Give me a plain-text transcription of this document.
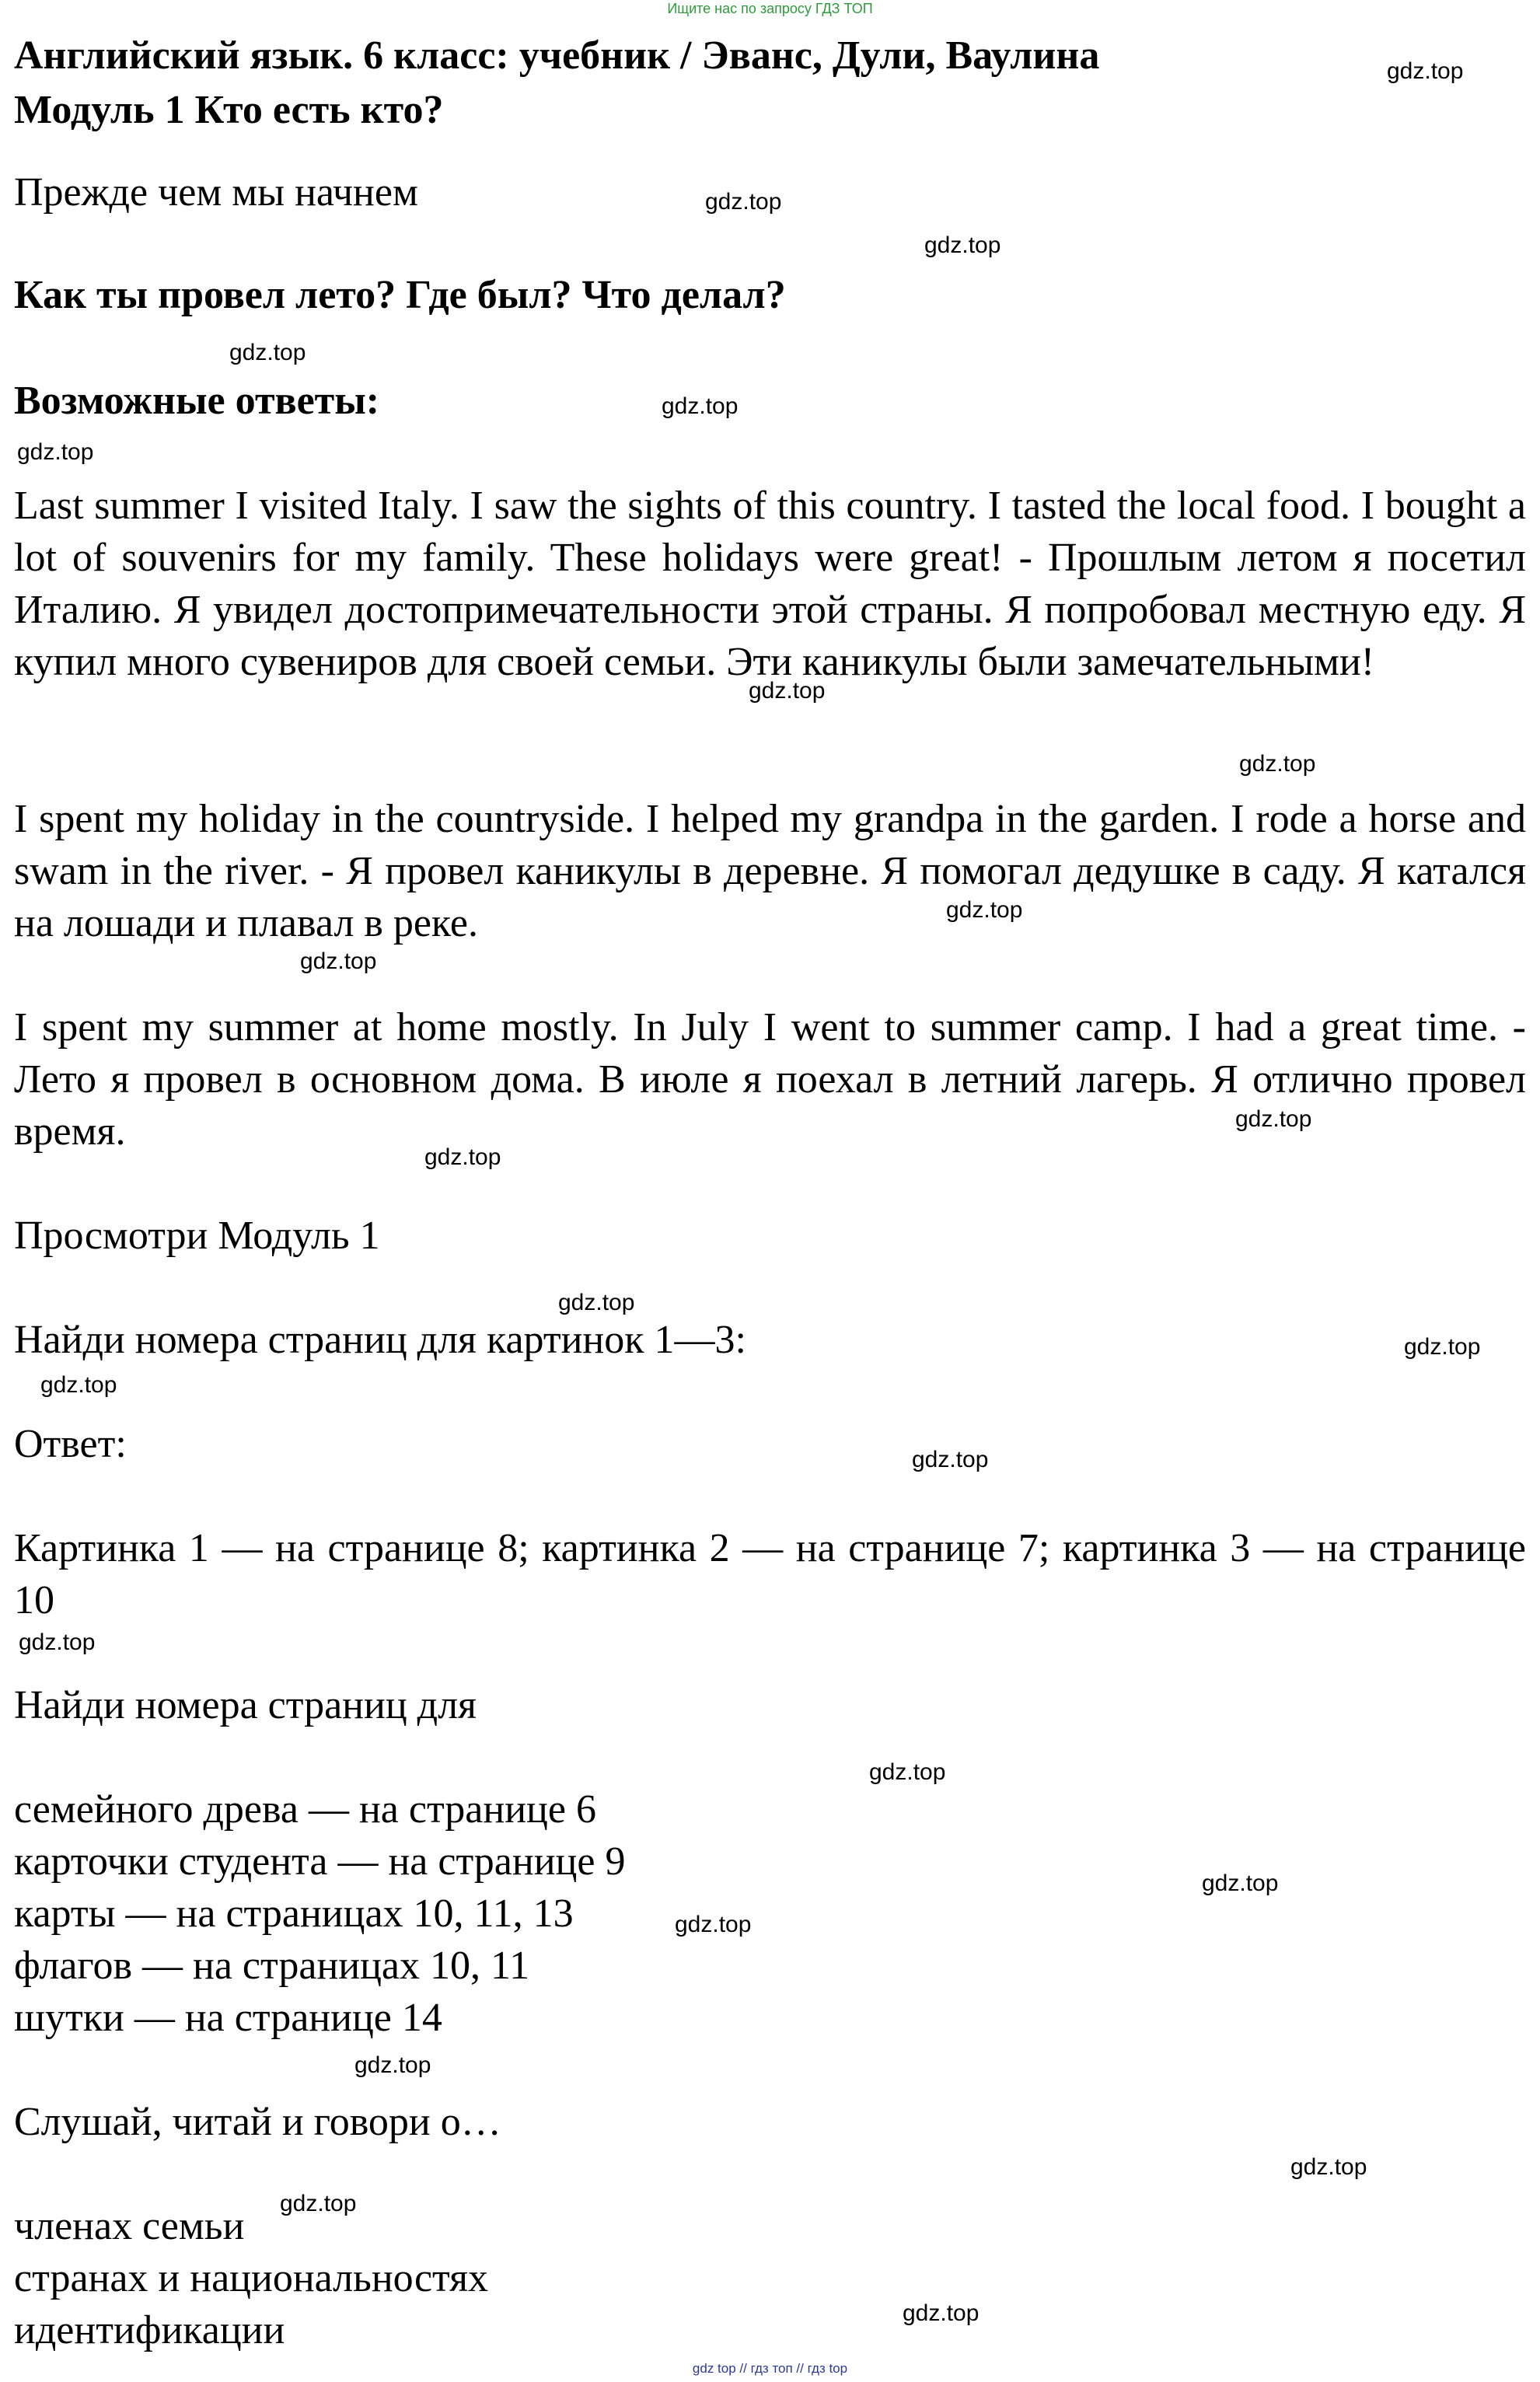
Ищите нас по запросу ГДЗ ТОП

Английский язык. 6 класс: учебник / Эванс, Дули, Ваулина

Модуль 1 Кто есть кто?

Прежде чем мы начнем

Как ты провел лето? Где был? Что делал?

Возможные ответы:

Last summer I visited Italy. I saw the sights of this country. I tasted the local food. I bought a lot of souvenirs for my family. These holidays were great! - Прошлым летом я посетил Италию. Я увидел достопримечательности этой страны. Я попробовал местную еду. Я купил много сувениров для своей семьи. Эти каникулы были замечательными!

I spent my holiday in the countryside. I helped my grandpa in the garden. I rode a horse and swam in the river. - Я провел каникулы в деревне. Я помогал дедушке в саду. Я катался на лошади и плавал в реке.

I spent my summer at home mostly. In July I went to summer camp. I had a great time. - Лето я провел в основном дома. В июле я поехал в летний лагерь. Я отлично провел время.

Просмотри Модуль 1

Найди номера страниц для картинок 1—3:

Ответ:

Картинка 1 — на странице 8; картинка 2 — на странице 7; картинка 3 — на странице 10

Найди номера страниц для

семейного древа — на странице 6

карточки студента — на странице 9

карты — на страницах 10, 11, 13

флагов — на страницах 10, 11

шутки — на странице 14

Слушай, читай и говори о…

членах семьи

странах и национальностях

идентификации

gdz.top
gdz.top
gdz.top
gdz.top
gdz.top
gdz.top
gdz.top
gdz.top
gdz.top
gdz.top
gdz.top
gdz.top
gdz.top
gdz.top
gdz.top
gdz.top
gdz.top
gdz.top
gdz.top
gdz.top
gdz.top
gdz.top
gdz.top
gdz.top
gdz top // гдз топ // гдз top
